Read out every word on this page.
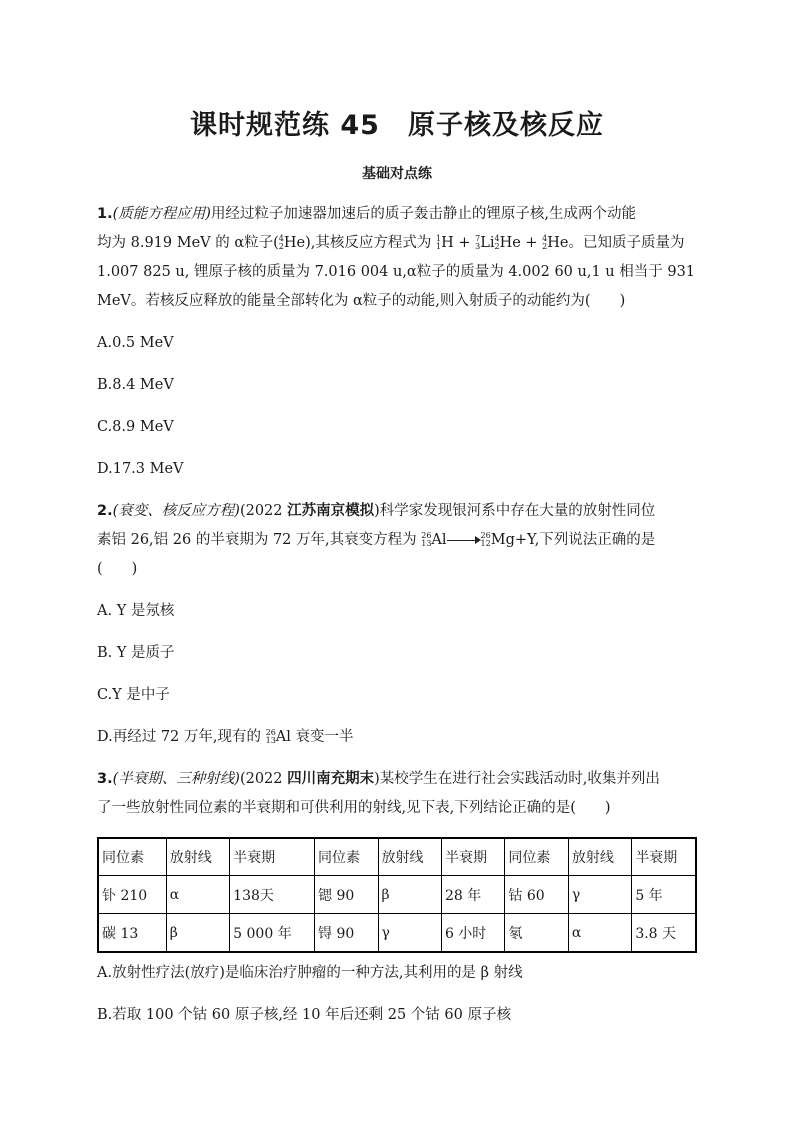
课时规范练 45　原子核及核反应
基础对点练
1.(质能方程应用)用经过粒子加速器加速后的质子轰击静止的锂原子核,生成两个动能
均为 8.919 MeV 的 α粒子( 4
2 He),其核反应方程式为 1
1 H + 7
3 Li 4
2 He + 4
2 He。已知质子质量为
1.007 825 u, 锂原子核的质量为 7.016 004 u,α粒子的质量为 4.002 60 u,1 u 相当于 931
MeV。若核反应释放的能量全部转化为 α粒子的动能,则入射质子的动能约为(　　)
A.0.5 MeV
B.8.4 MeV
C.8.9 MeV
D.17.3 MeV
2.(衰变、核反应方程)(2022 江苏南京模拟)科学家发现银河系中存在大量的放射性同位
素铝 26,铝 26 的半衰期为 72 万年,其衰变方程为 26
13 Al	26
12 Mg+Y,下列说法正确的是
(　　)
A. Y 是氖核
B. Y 是质子
C.Y 是中子
D.再经过 72 万年,现有的 26
13 Al 衰变一半
3.(半衰期、三种射线)(2022 四川南充期末)某校学生在进行社会实践活动时,收集并列出
了一些放射性同位素的半衰期和可供利用的射线,见下表,下列结论正确的是(　　)
同位素	放射线	半衰期	同位素	放射线	半衰期	同位素	放射线	半衰期
钋 210	α	138天	锶 90	β	28 年	钴 60	γ	5 年
碳 13	β	5 000 年	锝 90	γ	6 小时	氡	α	3.8 天
A.放射性疗法(放疗)是临床治疗肿瘤的一种方法,其利用的是 β 射线
B.若取 100 个钴 60 原子核,经 10 年后还剩 25 个钴 60 原子核
